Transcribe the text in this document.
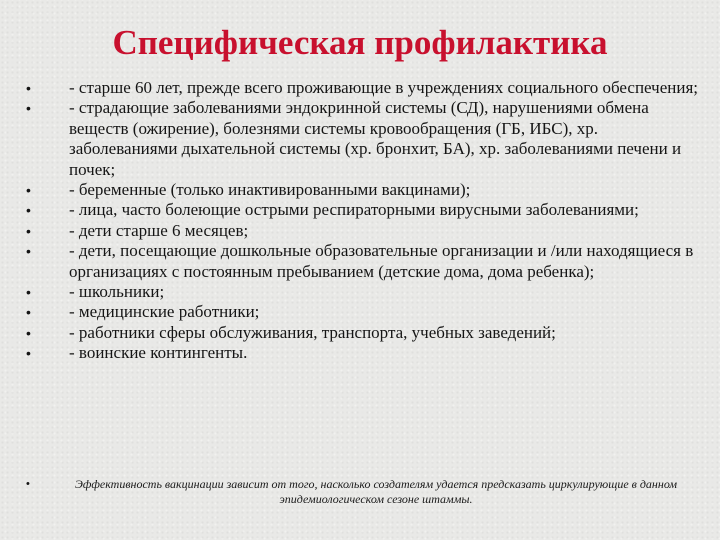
Специфическая профилактика
• - старше 60 лет, прежде всего проживающие в учреждениях социального обеспечения;
• - страдающие заболеваниями эндокринной системы (СД), нарушениями обмена веществ (ожирение), болезнями системы кровообращения (ГБ, ИБС), хр. заболеваниями дыхательной системы (хр. бронхит, БА), хр. заболеваниями печени и почек;
• - беременные (только инактивированными вакцинами);
• - лица, часто болеющие острыми респираторными вирусными заболеваниями;
• - дети старше 6 месяцев;
• - дети, посещающие дошкольные образовательные организации и /или находящиеся в организациях с постоянным пребыванием (детские дома, дома ребенка);
• - школьники;
• - медицинские работники;
• - работники сферы обслуживания, транспорта, учебных заведений;
• - воинские контингенты.
•	Эффективность вакцинации зависит от того, насколько создателям удается предсказать циркулирующие в данном эпидемиологическом сезоне штаммы.
